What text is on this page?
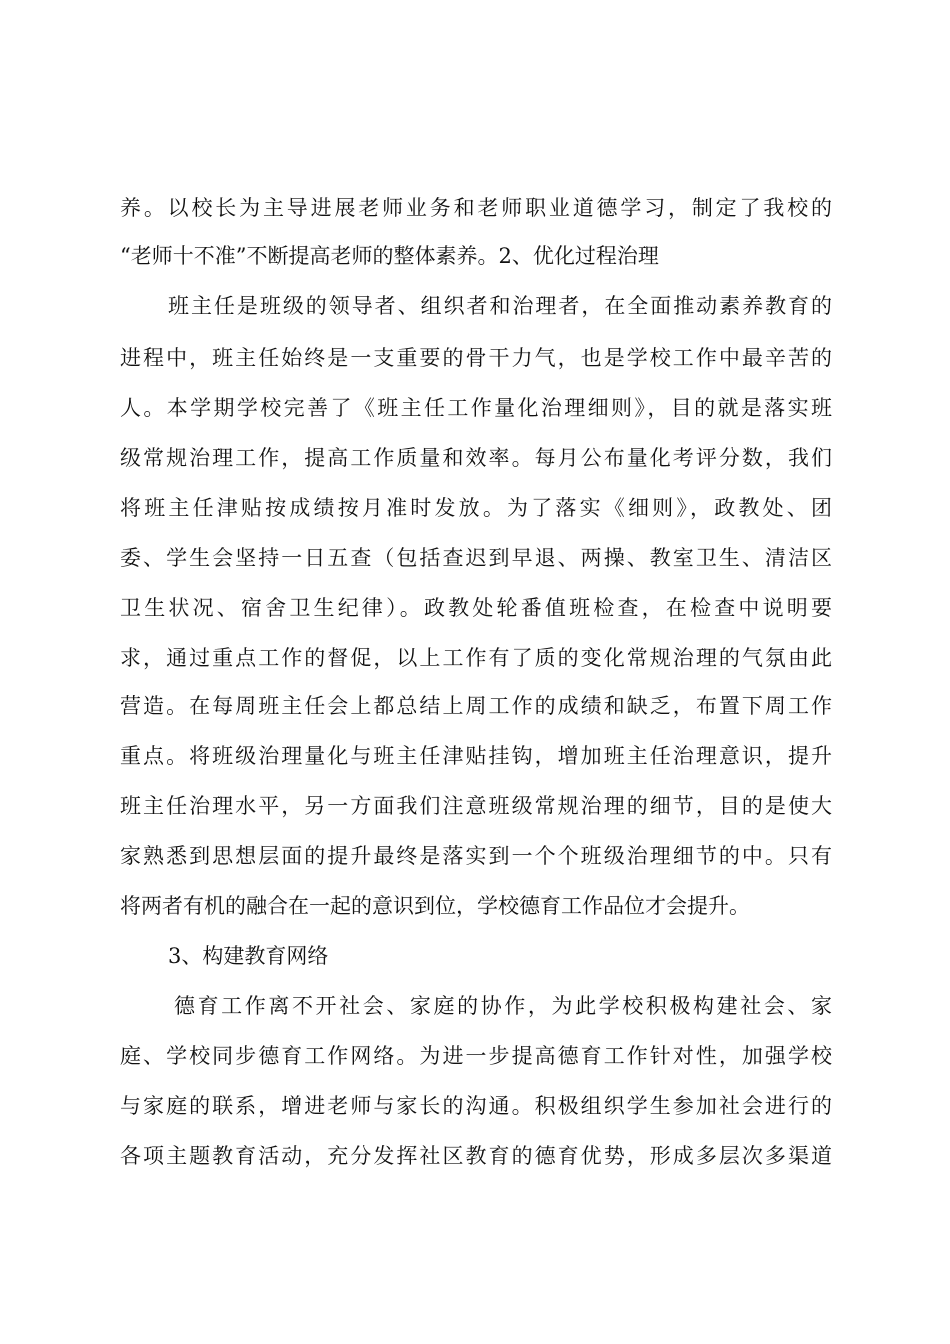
养。以校长为主导进展老师业务和老师职业道德学习，制定了我校的
“老师十不准”不断提高老师的整体素养。2、优化过程治理
班主任是班级的领导者、组织者和治理者，在全面推动素养教育的
进程中，班主任始终是一支重要的骨干力气，也是学校工作中最辛苦的
人。本学期学校完善了《班主任工作量化治理细则》，目的就是落实班
级常规治理工作，提高工作质量和效率。每月公布量化考评分数，我们
将班主任津贴按成绩按月准时发放。为了落实《细则》，政教处、团
委、学生会坚持一日五查（包括查迟到早退、两操、教室卫生、清洁区
卫生状况、宿舍卫生纪律）。政教处轮番值班检查，在检查中说明要
求，通过重点工作的督促，以上工作有了质的变化常规治理的气氛由此
营造。在每周班主任会上都总结上周工作的成绩和缺乏，布置下周工作
重点。将班级治理量化与班主任津贴挂钩，增加班主任治理意识，提升
班主任治理水平，另一方面我们注意班级常规治理的细节，目的是使大
家熟悉到思想层面的提升最终是落实到一个个班级治理细节的中。只有
将两者有机的融合在一起的意识到位，学校德育工作品位才会提升。
3、构建教育网络
德育工作离不开社会、家庭的协作，为此学校积极构建社会、家
庭、学校同步德育工作网络。为进一步提高德育工作针对性，加强学校
与家庭的联系，增进老师与家长的沟通。积极组织学生参加社会进行的
各项主题教育活动，充分发挥社区教育的德育优势，形成多层次多渠道
